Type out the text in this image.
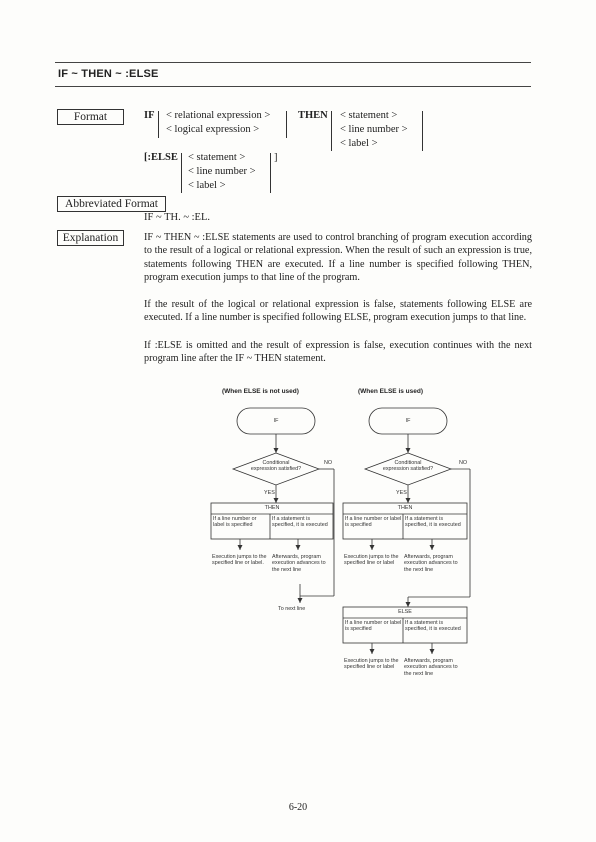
IF ~ THEN ~ :ELSE
Format	IF < relational expression >
< logical expression >
THEN < statement >
< line number >
< label >
[:ELSE < statement >
< line number >
< label >
]
Abbreviated Format
IF ~ TH. ~ :EL.
Explanation	IF ~ THEN ~ :ELSE statements are used to control branching of program execution according to the result of a logical or relational expression. When the result of such an expression is true, statements following THEN are executed. If a line number is specified following THEN, program execution jumps to that line of the program.
If the result of the logical or relational expression is false, statements following ELSE are executed. If a line number is specified following ELSE, program execution jumps to that line.
If :ELSE is omitted and the result of expression is false, execution continues with the next program line after the IF ~ THEN statement.
(When ELSE is not used)
IF
Conditional expression satisfied?
NO
YES
THEN
If a line number or label is specified
If a statement is specified, it is executed
Execution jumps to the specified line or label.
Afterwards, program execution advances to the next line
To next line
(When ELSE is used)
IF
Conditional expression satisfied?
NO
YES
THEN
If a line number or label is specified
If a statement is specified, it is executed
Execution jumps to the specified line or label
Afterwards, program execution advances to the next line
ELSE
If a line number or label is specified
If a statement is specified, it is executed
Execution jumps to the specified line or label
Afterwards, program execution advances to the next line
6-20
